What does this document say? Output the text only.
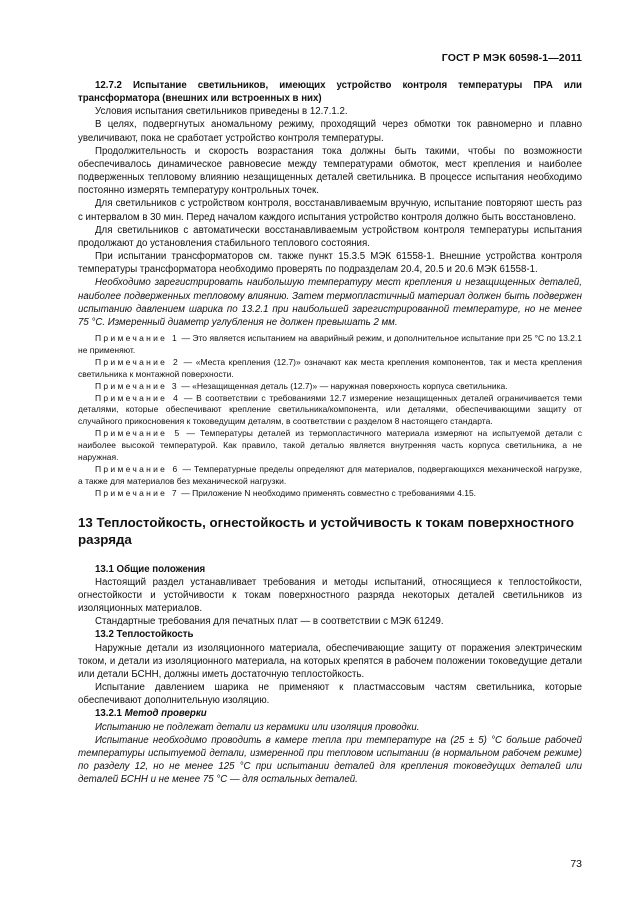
ГОСТ Р МЭК 60598-1—2011

12.7.2 Испытание светильников, имеющих устройство контроля температуры ПРА или трансформатора (внешних или встроенных в них)

Условия испытания светильников приведены в 12.7.1.2.

В целях, подвергнутых аномальному режиму, проходящий через обмотки ток равномерно и плавно увеличивают, пока не сработает устройство контроля температуры.

Продолжительность и скорость возрастания тока должны быть такими, чтобы по возможности обеспечивалось динамическое равновесие между температурами обмоток, мест крепления и наиболее подверженных тепловому влиянию незащищенных деталей светильника. В процессе испытания необходимо постоянно измерять температуру контрольных точек.

Для светильников с устройством контроля, восстанавливаемым вручную, испытание повторяют шесть раз с интервалом в 30 мин. Перед началом каждого испытания устройство контроля должно быть восстановлено.

Для светильников с автоматически восстанавливаемым устройством контроля температуры испытания продолжают до установления стабильного теплового состояния.

При испытании трансформаторов см. также пункт 15.3.5 МЭК 61558-1. Внешние устройства контроля температуры трансформатора необходимо проверять по подразделам 20.4, 20.5 и 20.6 МЭК 61558-1.

Необходимо зарегистрировать наибольшую температуру мест крепления и незащищенных деталей, наиболее подверженных тепловому влиянию. Затем термопластичный материал должен быть подвержен испытанию давлением шарика по 13.2.1 при наибольшей зарегистрированной температуре, но не менее 75 °C. Измеренный диаметр углубления не должен превышать 2 мм.

Примечание 1 — Это является испытанием на аварийный режим, и дополнительное испытание при 25 °C по 13.2.1 не применяют.

Примечание 2 — «Места крепления (12.7)» означают как места крепления компонентов, так и места крепления светильника к монтажной поверхности.

Примечание 3 — «Незащищенная деталь (12.7)» — наружная поверхность корпуса светильника.

Примечание 4 — В соответствии с требованиями 12.7 измерение незащищенных деталей ограничивается теми деталями, которые обеспечивают крепление светильника/компонента, или деталями, обеспечивающими защиту от случайного прикосновения к токоведущим деталям, в соответствии с разделом 8 настоящего стандарта.

Примечание 5 — Температуры деталей из термопластичного материала измеряют на испытуемой детали с наиболее высокой температурой. Как правило, такой деталью является внутренняя часть корпуса светильника, а не наружная.

Примечание 6 — Температурные пределы определяют для материалов, подвергающихся механической нагрузке, а также для материалов без механической нагрузки.

Примечание 7 — Приложение N необходимо применять совместно с требованиями 4.15.

13 Теплостойкость, огнестойкость и устойчивость к токам поверхностного разряда

13.1 Общие положения

Настоящий раздел устанавливает требования и методы испытаний, относящиеся к теплостойкости, огнестойкости и устойчивости к токам поверхностного разряда некоторых деталей светильников из изоляционных материалов.

Стандартные требования для печатных плат — в соответствии с МЭК 61249.

13.2 Теплостойкость

Наружные детали из изоляционного материала, обеспечивающие защиту от поражения электрическим током, и детали из изоляционного материала, на которых крепятся в рабочем положении токоведущие детали или детали БСНН, должны иметь достаточную теплостойкость.

Испытание давлением шарика не применяют к пластмассовым частям светильника, которые обеспечивают дополнительную изоляцию.

13.2.1 Метод проверки

Испытанию не подлежат детали из керамики или изоляция проводки.

Испытание необходимо проводить в камере тепла при температуре на (25 ± 5) °C больше рабочей температуры испытуемой детали, измеренной при тепловом испытании (в нормальном рабочем режиме) по разделу 12, но не менее 125 °C при испытании деталей для крепления токоведущих деталей или деталей БСНН и не менее 75 °C — для остальных деталей.

73
